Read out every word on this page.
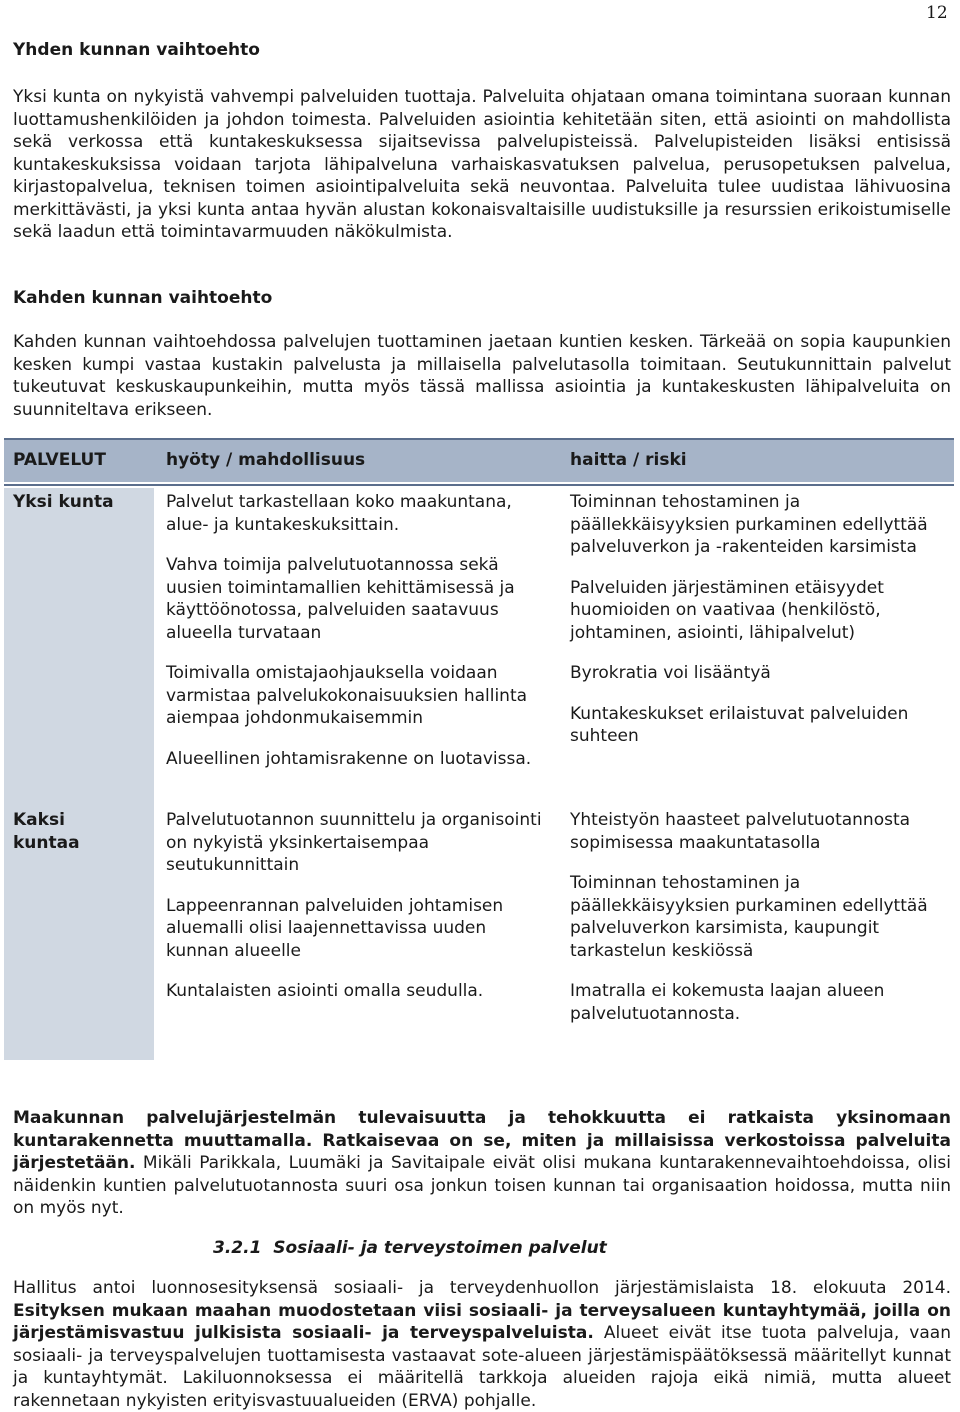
12
Yhden kunnan vaihtoehto

Yksi kunta on nykyistä vahvempi palveluiden tuottaja. Palveluita ohjataan omana toimintana suoraan kunnan luottamushenkilöiden ja johdon toimesta. Palveluiden asiointia kehitetään siten, että asiointi on mahdollista sekä verkossa että kuntakeskuksessa sijaitsevissa palvelupisteissä. Palvelupisteiden lisäksi entisissä kuntakeskuksissa voidaan tarjota lähipalveluna varhaiskasvatuksen palvelua, perusopetuksen palvelua, kirjastopalvelua, teknisen toimen asiointipalveluita sekä neuvontaa. Palveluita tulee uudistaa lähivuosina merkittävästi, ja yksi kunta antaa hyvän alustan kokonaisvaltaisille uudistuksille ja resurssien erikoistumiselle sekä laadun että toimintavarmuuden näkökulmista.

Kahden kunnan vaihtoehto

Kahden kunnan vaihtoehdossa palvelujen tuottaminen jaetaan kuntien kesken. Tärkeää on sopia kaupunkien kesken kumpi vastaa kustakin palvelusta ja millaisella palvelutasolla toimitaan. Seutukunnittain palvelut tukeutuvat keskuskaupunkeihin, mutta myös tässä mallissa asiointia ja kuntakeskusten lähipalveluita on suunniteltava erikseen.

PALVELUT	hyöty / mahdollisuus	haitta / riski
Yksi kunta
Kaksi kuntaa

Palvelut tarkastellaan koko maakuntana, alue- ja kuntakeskuksittain.

Vahva toimija palvelutuotannossa sekä uusien toimintamallien kehittämisessä ja käyttöönotossa, palveluiden saatavuus alueella turvataan

Toimivalla omistajaohjauksella voidaan varmistaa palvelukokonaisuuksien hallinta aiempaa johdonmukaisemmin

Alueellinen johtamisrakenne on luotavissa.

Toiminnan tehostaminen ja päällekkäisyyksien purkaminen edellyttää palveluverkon ja -rakenteiden karsimista

Palveluiden järjestäminen etäisyydet huomioiden on vaativaa (henkilöstö, johtaminen, asiointi, lähipalvelut)

Byrokratia voi lisääntyä

Kuntakeskukset erilaistuvat palveluiden suhteen

Palvelutuotannon suunnittelu ja organisointi on nykyistä yksinkertaisempaa seutukunnittain

Lappeenrannan palveluiden johtamisen aluemalli olisi laajennettavissa uuden kunnan alueelle

Kuntalaisten asiointi omalla seudulla.

Yhteistyön haasteet palvelutuotannosta sopimisessa maakuntatasolla

Toiminnan tehostaminen ja päällekkäisyyksien purkaminen edellyttää palveluverkon karsimista, kaupungit tarkastelun keskiössä

Imatralla ei kokemusta laajan alueen palvelutuotannosta.

Maakunnan palvelujärjestelmän tulevaisuutta ja tehokkuutta ei ratkaista yksinomaan kuntarakennetta muuttamalla. Ratkaisevaa on se, miten ja millaisissa verkostoissa palveluita järjestetään. Mikäli Parikkala, Luumäki ja Savitaipale eivät olisi mukana kuntarakennevaihtoehdoissa, olisi näidenkin kuntien palvelutuotannosta suuri osa jonkun toisen kunnan tai organisaation hoidossa, mutta niin on myös nyt.

3.2.1 Sosiaali- ja terveystoimen palvelut

Hallitus antoi luonnosesityksensä sosiaali- ja terveydenhuollon järjestämislaista 18. elokuuta 2014. Esityksen mukaan maahan muodostetaan viisi sosiaali- ja terveysalueen kuntayhtymää, joilla on järjestämisvastuu julkisista sosiaali- ja terveyspalveluista. Alueet eivät itse tuota palveluja, vaan sosiaali- ja terveyspalvelujen tuottamisesta vastaavat sote-alueen järjestämispäätöksessä määritellyt kunnat ja kuntayhtymät. Lakiluonnoksessa ei määritellä tarkkoja alueiden rajoja eikä nimiä, mutta alueet rakennetaan nykyisten erityisvastuualueiden (ERVA) pohjalle.
